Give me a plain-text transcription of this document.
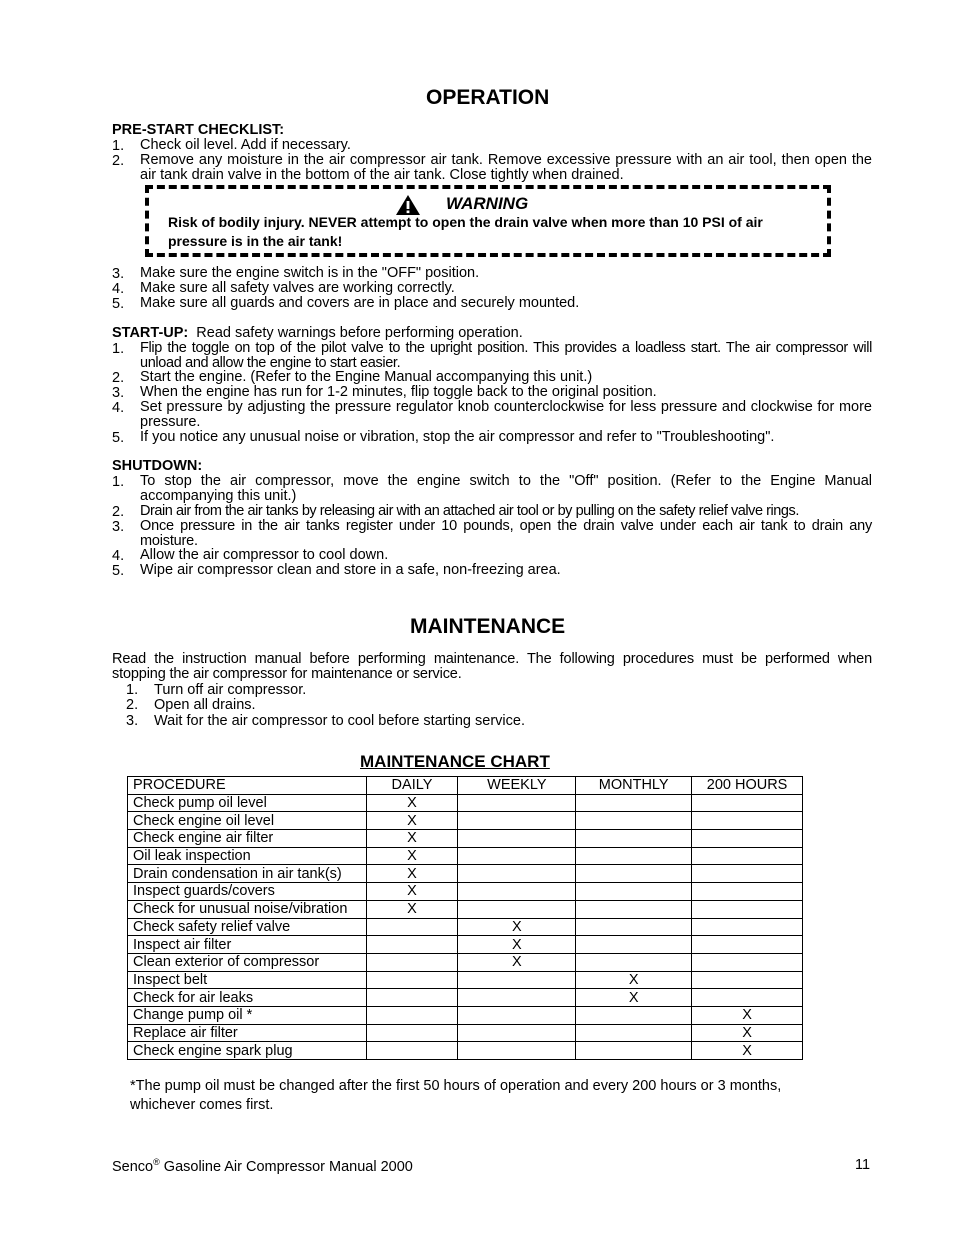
OPERATION
PRE-START CHECKLIST:
1.	Check oil level. Add if necessary.
2.	Remove any moisture in the air compressor air tank. Remove excessive pressure with an air tool, then open the air tank drain valve in the bottom of the air tank. Close tightly when drained.
WARNING
Risk of bodily injury. NEVER attempt to open the drain valve when more than 10 PSI of air pressure is in the air tank!
3.	Make sure the engine switch is in the "OFF" position.
4.	Make sure all safety valves are working correctly.
5.	Make sure all guards and covers are in place and securely mounted.
START-UP: Read safety warnings before performing operation.
1.	Flip the toggle on top of the pilot valve to the upright position. This provides a loadless start. The air compressor will unload and allow the engine to start easier.
2.	Start the engine. (Refer to the Engine Manual accompanying this unit.)
3.	When the engine has run for 1-2 minutes, flip toggle back to the original position.
4.	Set pressure by adjusting the pressure regulator knob counterclockwise for less pressure and clockwise for more pressure.
5.	If you notice any unusual noise or vibration, stop the air compressor and refer to "Troubleshooting".
SHUTDOWN:
1.	To stop the air compressor, move the engine switch to the "Off" position. (Refer to the Engine Manual accompanying this unit.)
2.	Drain air from the air tanks by releasing air with an attached air tool or by pulling on the safety relief valve rings.
3.	Once pressure in the air tanks register under 10 pounds, open the drain valve under each air tank to drain any moisture.
4.	Allow the air compressor to cool down.
5.	Wipe air compressor clean and store in a safe, non-freezing area.
MAINTENANCE
Read the instruction manual before performing maintenance. The following procedures must be performed when stopping the air compressor for maintenance or service.
1. Turn off air compressor.
2. Open all drains.
3. Wait for the air compressor to cool before starting service.
MAINTENANCE CHART
PROCEDURE	DAILY	WEEKLY	MONTHLY	200 HOURS
Check pump oil level	X			
Check engine oil level	X			
Check engine air filter	X			
Oil leak inspection	X			
Drain condensation in air tank(s)	X			
Inspect guards/covers	X			
Check for unusual noise/vibration	X			
Check safety relief valve		X		
Inspect air filter		X		
Clean exterior of compressor		X		
Inspect belt			X	
Check for air leaks			X	
Change pump oil *				X
Replace air filter				X
Check engine spark plug				X
*The pump oil must be changed after the first 50 hours of operation and every 200 hours or 3 months, whichever comes first.
Senco® Gasoline Air Compressor Manual 2000	11
